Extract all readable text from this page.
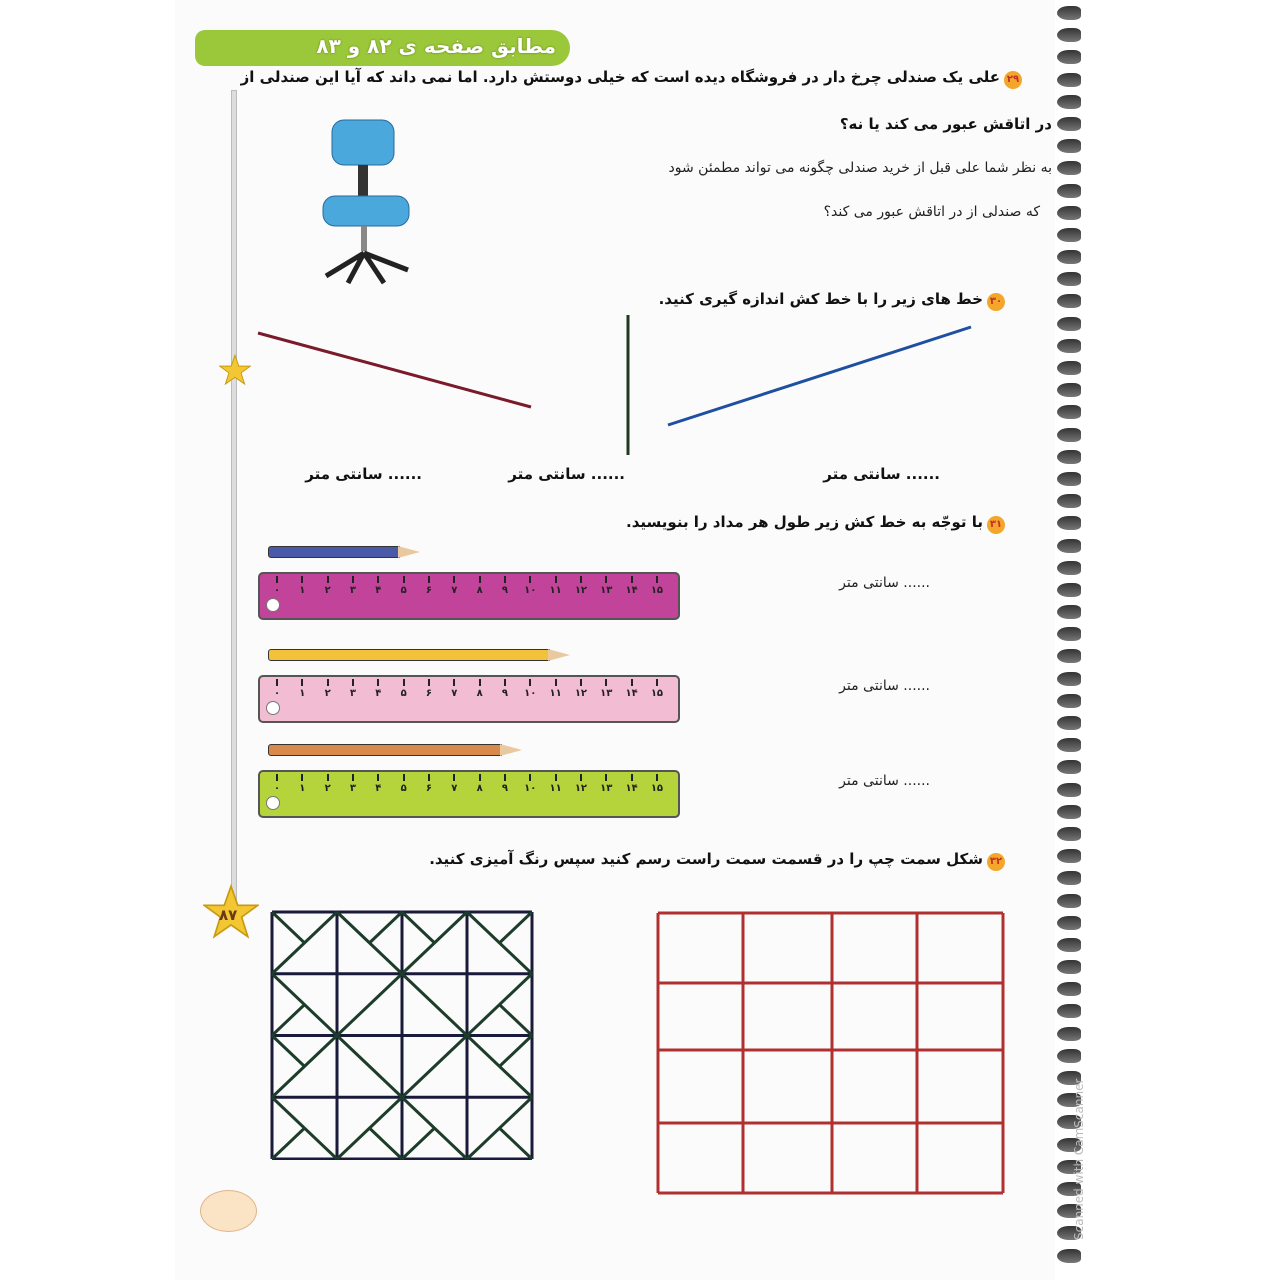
مطابق صفحه ی ۸۲ و ۸۳
۸۷
۲۹علی یک صندلی چرخ دار در فروشگاه دیده است که خیلی دوستش دارد. اما نمی داند که آیا این صندلی از
در اتاقش عبور می کند یا نه؟
به نظر شما علی قبل از خرید صندلی چگونه می تواند مطمئن شود
که صندلی از در اتاقش عبور می کند؟
۳۰خط های زیر را با خط کش اندازه گیری کنید.
...... سانتی متر	...... سانتی متر	...... سانتی متر
۳۱با توجّه به خط کش زیر طول هر مداد را بنویسید.
۰	۱	۲	۳	۴	۵	۶	۷	۸	۹	۱۰ ۱۱ ۱۲ ۱۳ ۱۴ ۱۵	...... سانتی متر
۰	۱	۲	۳	۴	۵	۶	۷	۸	۹	۱۰ ۱۱ ۱۲ ۱۳ ۱۴ ۱۵	...... سانتی متر
۰	۱	۲	۳	۴	۵	۶	۷	۸	۹	۱۰ ۱۱ ۱۲ ۱۳ ۱۴ ۱۵	...... سانتی متر
۳۲شکل سمت چپ را در قسمت سمت راست رسم کنید سپس رنگ آمیزی کنید.
Scanned with CamScanner
